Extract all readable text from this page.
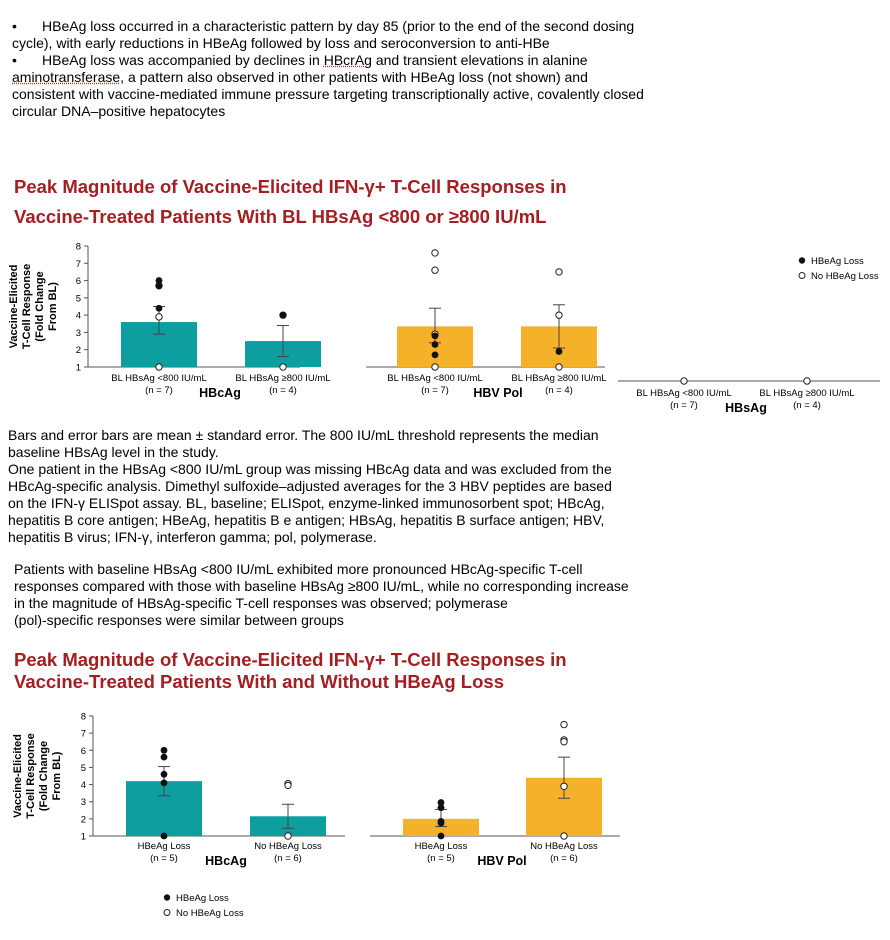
• HBeAg loss occurred in a characteristic pattern by day 85 (prior to the end of the second dosing
cycle), with early reductions in HBeAg followed by loss and seroconversion to anti-HBe

• HBeAg loss was accompanied by declines in HBcrAg and transient elevations in alanine
aminotransferase, a pattern also observed in other patients with HBeAg loss (not shown) and
consistent with vaccine-mediated immune pressure targeting transcriptionally active, covalently closed
circular DNA–positive hepatocytes

Peak Magnitude of Vaccine-Elicited IFN-γ+ T-Cell Responses in
Vaccine-Treated Patients With BL HBsAg <800 or ≥800 IU/mL
Bars and error bars are mean ± standard error. The 800 IU/mL threshold represents the median
baseline HBsAg level in the study.
One patient in the HBsAg <800 IU/mL group was missing HBcAg data and was excluded from the
HBcAg-specific analysis. Dimethyl sulfoxide–adjusted averages for the 3 HBV peptides are based
on the IFN-γ ELISpot assay. BL, baseline; ELISpot, enzyme-linked immunosorbent spot; HBcAg,
hepatitis B core antigen; HBeAg, hepatitis B e antigen; HBsAg, hepatitis B surface antigen; HBV,
hepatitis B virus; IFN-γ, interferon gamma; pol, polymerase.
Patients with baseline HBsAg <800 IU/mL exhibited more pronounced HBcAg-specific T-cell
responses compared with those with baseline HBsAg ≥800 IU/mL, while no corresponding increase
in the magnitude of HBsAg-specific T-cell responses was observed; polymerase
(pol)-specific responses were similar between groups
Peak Magnitude of Vaccine-Elicited IFN-γ+ T-Cell Responses in
Vaccine-Treated Patients With and Without HBeAg Loss
1
2
3
4
5
6
7
8
Vaccine-Elicited T-Cell Response (Fold Change From BL)
BL HBsAg <800 IU/mL
(n = 7)
BL HBsAg ≥800 IU/mL
(n = 4)
HBcAg
BL HBsAg <800 IU/mL
(n = 7)
BL HBsAg ≥800 IU/mL
(n = 4)
HBV Pol	BL HBsAg <800 IU/mL
(n = 7)
BL HBsAg ≥800 IU/mL
(n = 4)
HBsAg
HBeAg Loss
No HBeAg Loss
1
2
3
4
5
6
7
8
Vaccine-Elicited T-Cell Response (Fold Change From BL)
HBeAg Loss
(n = 5)
No HBeAg Loss
(n = 6)
HBcAg
HBeAg Loss
(n = 5)
No HBeAg Loss
(n = 6)
HBV Pol
HBeAg Loss
No HBeAg Loss
